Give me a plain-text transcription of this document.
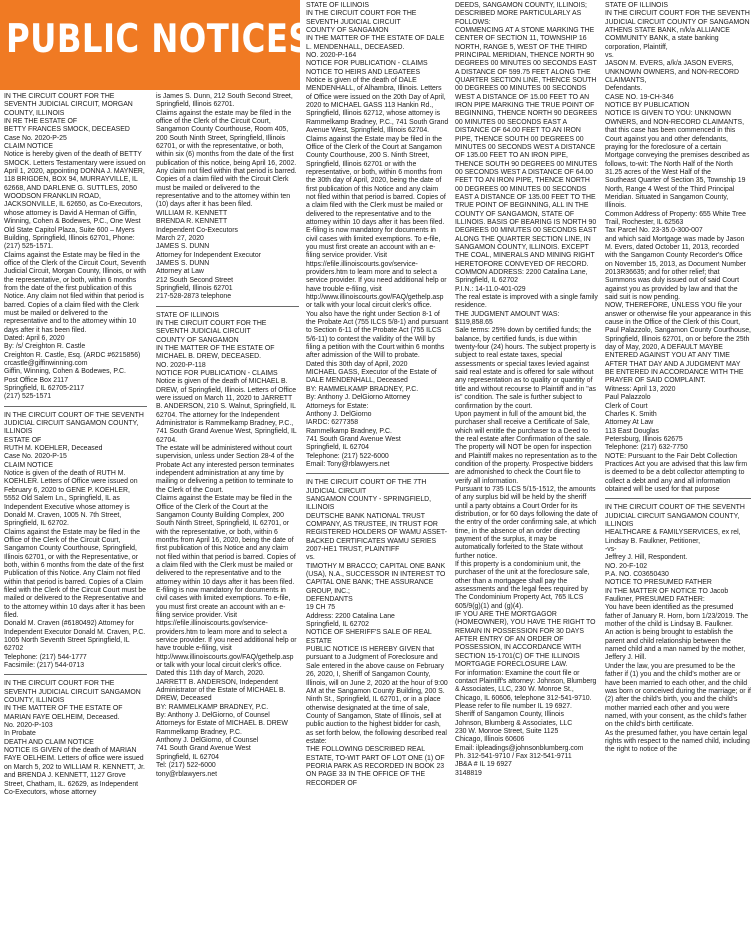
PUBLIC NOTICES

IN THE CIRCUIT COURT FOR THE SEVENTH JUDICIAL CIRCUIT, MORGAN COUNTY, ILLINOIS
IN RE THE ESTATE OF
BETTY FRANCES SMOCK, DECEASED
Case No. 2020-P-25
CLAIM NOTICE
Notice is hereby given of the death of BETTY SMOCK. Letters Testamentary were issued on April 1, 2020, appointing DONNA J. MAYNER, 118 BRIGDEN, BOX 94, MURRAYVILLE, IL 62668, AND DARLENE G. SUTTLES, 2050 WOODSON FRANKLIN ROAD, JACKSONVILLE, IL 62650, as Co-Executors, whose attorney is David A Herman of Giffin, Winning, Cohen & Bodewes, P.C., One West Old State Capitol Plaza, Suite 600 – Myers Building, Springfield, Illinois 62701, Phone: (217) 525-1571.
Claims against the Estate may be filed in the office of the Clerk of the Circuit Court, Seventh Judicial Circuit, Morgan County, Illinois, or with the representative, or both, within 6 months from the date of the first publication of this Notice. Any claim not filed within that period is barred. Copies of a claim filed with the Clerk must be mailed or delivered to the representative and to the attorney within 10 days after it has been filed.
Dated: April 6, 2020
By: /s/ Creighton R. Castle
Creighton R. Castle, Esq. (ARDC #6215856)
crcastle@giffinwinning.com
Giffin, Winning, Cohen & Bodewes, P.C.
Post Office Box 2117
Springfield, IL 62705-2117
(217) 525-1571

IN THE CIRCUIT COURT OF THE SEVENTH JUDICIAL CIRCUIT SANGAMON COUNTY, ILLINOIS
ESTATE OF
RUTH M. KOEHLER, Deceased
Case No. 2020-P-15
CLAIM NOTICE
Notice is given of the death of RUTH M. KOEHLER. Letters of Office were issued on February 6, 2020 to GENE P. KOEHLER, 5552 Old Salem Ln., Springfield, IL as Independent Executive whose attorney is Donald M. Craven, 1005 N. 7th Street, Springfield, IL 62702.
Claims against the Estate may be filed in the Office of the Clerk of the Circuit Court, Sangamon County Courthouse, Springfield, Illinois 62701, or with the Representative, or both, within 6 months from the date of the first Publication of this Notice. Any Claim not filed within that period is barred. Copies of a Claim filed with the Clerk of the Circuit Court must be mailed or delivered to the Representative and to the attorney within 10 days after it has been filed.
Donald M. Craven (#6180492) Attorney for Independent Executor Donald M. Craven, P.C.
1005 North Seventh Street Springfield, IL 62702
Telephone: (217) 544-1777
Facsimile: (217) 544-0713

IN THE CIRCUIT COURT FOR THE SEVENTH JUDICIAL CIRCUIT SANGAMON COUNTY, ILLINOIS
IN THE MATTER OF THE ESTATE OF
MARIAN FAYE OELHEIM, Deceased.
No. 2020-P-103
In Probate
DEATH AND CLAIM NOTICE
NOTICE IS GIVEN of the death of MARIAN FAYE OELHEIM. Letters of office were issued on March 5, 202 to WILLIAM R. KENNETT, Jr. and BRENDA J. KENNETT, 1127 Grove Street, Chatham, IL. 62629, as Independent Co-Executors, whose attorney

is James S. Dunn, 212 South Second Street, Springfield, Illinois 62701.
Claims against the estate may be filed in the office of the Clerk of the Circuit Court, Sangamon County Courthouse, Room 405, 200 South Ninth Street, Springfield, Illinois 62701, or with the representative, or both, within six (6) months from the date of the first publication of this notice, being April 16, 2002. Any claim not filed within that period is barred. Copies of a claim filed with the Circuit Clerk must be mailed or delivered to the representative and to the attorney within ten (10) days after it has been filed.
WILLIAM R. KENNETT
BRENDA R. KENNETT
Independent Co-Executors
March 27, 2020
JAMES S. DUNN
Attorney for Independent Executor
JAMES S. DUNN
Attorney at Law
212 South Second Street
Springfield, Illinois 62701
217-528-2873 telephone

STATE OF ILLINOIS
IN THE CIRCUIT COURT FOR THE SEVENTH JUDICIAL CIRCUIT
COUNTY OF SANGAMON
IN THE MATTER OF THE ESTATE OF MICHAEL B. DREW, DECEASED.
NO. 2020-P-118
NOTICE FOR PUBLICATION - CLAIMS
Notice is given of the death of MICHAEL B. DREW, of Springfield, Illinois. Letters of Office were issued on March 11, 2020 to JARRETT B. ANDERSON, 210 S. Walnut, Springfield, IL 62704. The attorney for the Independent Administrator is Rammelkamp Bradney, P.C., 741 South Grand Avenue West, Springfield, IL 62704.
The estate will be administered without court supervision, unless under Section 28-4 of the Probate Act any interested person terminates independent administration at any time by mailing or delivering a petition to terminate to the Clerk of the Court.
Claims against the Estate may be filed in the Office of the Clerk of the Court at the Sangamon County Building Complex, 200 South Ninth Street, Springfield, IL 62701, or with the representative, or both, within 6 months from April 16, 2020, being the date of first publication of this Notice and any claim not filed within that period is barred. Copies of a claim filed with the Clerk must be mailed or delivered to the representative and to the attorney within 10 days after it has been filed.
E-filing is now mandatory for documents in civil cases with limited exemptions. To e-file, you must first create an account with an e-filing service provider. Visit https://efile.illinoiscourts.gov/service-providers.htm to learn more and to select a service provider. If you need additional help or have trouble e-filing, visit http://www.illinoiscourts.gov/FAQ/gethelp.asp or talk with your local circuit clerk's office.
Dated this 11th day of March, 2020.
JARRETT B. ANDERSON, Independent Administrator of the Estate of MICHAEL B. DREW, Deceased
BY: RAMMELKAMP BRADNEY, P.C.
By: Anthony J. DelGiorno, of Counsel
Attorneys for Estate of MICHAEL B. DREW
Rammelkamp Bradney, P.C.
Anthony J. DelGiorno, of Counsel
741 South Grand Avenue West
Springfield, IL 62704
Tel: (217) 522-6000
tony@rblawyers.net

STATE OF ILLINOIS
IN THE CIRCUIT COURT FOR THE SEVENTH JUDICIAL CIRCUIT
COUNTY OF SANGAMON
IN THE MATTER OF THE ESTATE OF DALE L. MENDENHALL, DECEASED.
NO. 2020-P-164
NOTICE FOR PUBLICATION - CLAIMS
NOTICE TO HEIRS AND LEGATEES
Notice is given of the death of DALE MENDENHALL, of Alhambra, Illinois. Letters of Office were issued on the 20th Day of April, 2020 to MICHAEL GASS 113 Hankin Rd., Springfield, Illinois 62712, whose attorney is Rammelkamp Bradney, P.C., 741 South Grand Avenue West, Springfield, Illinois 62704.
Claims against the Estate may be filed in the Office of the Clerk of the Court at Sangamon County Courthouse, 200 S. Ninth Street, Springfield, Illinois 62701 or with the representative, or both, within 6 months from the 30th day of April, 2020, being the date of first publication of this Notice and any claim not filed within that period is barred. Copies of a claim filed with the Clerk must be mailed or delivered to the representative and to the attorney within 10 days after it has been filed.
E-filing is now mandatory for documents in civil cases with limited exemptions. To e-file, you must first create an account with an e-filing service provider. Visit https://efile.illinoiscourts.gov/service-providers.htm to learn more and to select a service provider. If you need additional help or have trouble e-filing, visit http://www.illinoiscourts.gov/FAQ/gethelp.asp or talk with your local circuit clerk's office.
You also have the right under Section 8-1 of the Probate Act (755 ILCS 5/8-1) and pursuant to Section 6-11 of the Probate Act (755 ILCS 5/6-11) to contest the validity of the Will by filing a petition with the Court within 6 months after admission of the Will to probate.
Dated this 30th day of April, 2020
MICHAEL GASS, Executor of the Estate of DALE MENDENHALL, Deceased
BY: RAMMELKAMP BRADNEY, P.C.
By: Anthony J. DelGiorno Attorney
Attorneys for Estate:
Anthony J. DelGiorno
IARDC: 6277358
Rammelkamp Bradney, P.C.
741 South Grand Avenue West
Springfield, IL 62704
Telephone: (217) 522-6000
Email: Tony@rblawyers.net

IN THE CIRCUIT COURT OF THE 7TH JUDICIAL CIRCUIT
SANGAMON COUNTY - SPRINGFIELD, ILLINOIS
DEUTSCHE BANK NATIONAL TRUST COMPANY, AS TRUSTEE, IN TRUST FOR REGISTERED HOLDERS OF WAMU ASSET-BACKED CERTIFICATES WAMU SERIES 2007-HE1 TRUST, PLAINTIFF
vs.
TIMOTHY M BRACCO; CAPITAL ONE BANK (USA), N.A., SUCCESSOR IN INTEREST TO CAPITAL ONE BANK; THE ASSURANCE GROUP, INC.;
DEFENDANTS
19 CH 75
Address: 2200 Catalina Lane
Springfield, IL 62702
NOTICE OF SHERIFF'S SALE OF REAL ESTATE
PUBLIC NOTICE IS HEREBY GIVEN that pursuant to a Judgment of Foreclosure and Sale entered in the above cause on February 26, 2020, I, Sheriff of Sangamon County, Illinois, will on June 2, 2020 at the hour of 9:00 AM at the Sangamon County Building, 200 S. Ninth St., Springfield, IL 62701, or in a place otherwise designated at the time of sale, County of Sangamon, State of Illinois, sell at public auction to the highest bidder for cash, as set forth below, the following described real estate:
THE FOLLOWING DESCRIBED REAL ESTATE, TO-WIT PART OF LOT ONE (1) OF PEORIA PARK AS RECORDED IN BOOK 23 ON PAGE 33 IN THE OFFICE OF THE RECORDER OF

DEEDS, SANGAMON COUNTY, ILLINOIS; DESCRIBED MORE PARTICULARLY AS FOLLOWS:
COMMENCING AT A STONE MARKING THE CENTER OF SECTION 11, TOWNSHIP 16 NORTH, RANGE 5, WEST OF THE THIRD PRINCIPAL MERIDIAN, THENCE NORTH 90 DEGREES 00 MINUTES 00 SECONDS EAST A DISTANCE OF 599.75 FEET ALONG THE QUARTER SECTION LINE, THENCE SOUTH 00 DEGREES 00 MINUTES 00 SECONDS WEST A DISTANCE OF 15.00 FEET TO AN IRON PIPE MARKING THE TRUE POINT OF BEGINNING, THENCE NORTH 90 DEGREES 00 MINUTES 00 SECONDS EAST A DISTANCE OF 64.00 FEET TO AN IRON PIPE, THENCE SOUTH 00 DEGREES 00 MINUTES 00 SECONDS WEST A DISTANCE OF 135.00 FEET TO AN IRON PIPE, THENCE SOUTH 90 DEGREES 00 MINUTES 00 SECONDS WEST A DISTANCE OF 64.00 FEET TO AN IRON PIPE, THENCE NORTH 00 DEGREES 00 MINUTES 00 SECONDS EAST A DISTANCE OF 135.00 FEET TO THE TRUE POINT OF BEGINNING, ALL IN THE COUNTY OF SANGAMON, STATE OF ILLINOIS. BASIS OF BEARING IS NORTH 90 DEGREES 00 MINUTES 00 SECONDS EAST ALONG THE QUARTER SECTION LINE, IN SANGAMON COUNTY, ILLINOIS. EXCEPT THE COAL, MINERALS AND MINING RIGHT HERETOFORE CONVEYED OF RECORD.
COMMON ADDRESS: 2200 Catalina Lane, Springfield, IL 62702
P.I.N.: 14-11.0-401-029
The real estate is improved with a single family residence.
THE JUDGMENT AMOUNT WAS: $119,858.65
Sale terms: 25% down by certified funds; the balance, by certified funds, is due within twenty-four (24) hours. The subject property is subject to real estate taxes, special assessments or special taxes levied against said real estate and is offered for sale without any representation as to quality or quantity of title and without recourse to Plaintiff and in "as is" condition. The sale is further subject to confirmation by the court.
Upon payment in full of the amount bid, the purchaser shall receive a Certificate of Sale, which will entitle the purchaser to a Deed to the real estate after Confirmation of the sale. The property will NOT be open for inspection and Plaintiff makes no representation as to the condition of the property. Prospective bidders are admonished to check the Court file to verify all information.
Pursuant to 735 ILCS 5/15-1512, the amounts of any surplus bid will be held by the sheriff until a party obtains a Court Order for its distribution, or for 60 days following the date of the entry of the order confirming sale, at which time, in the absence of an order directing payment of the surplus, it may be automatically forfeited to the State without further notice.
If this property is a condominium unit, the purchaser of the unit at the foreclosure sale, other than a mortgagee shall pay the assessments and the legal fees required by The Condominium Property Act, 765 ILCS 605/9(g)(1) and (g)(4).
IF YOU ARE THE MORTGAGOR (HOMEOWNER), YOU HAVE THE RIGHT TO REMAIN IN POSSESSION FOR 30 DAYS AFTER ENTRY OF AN ORDER OF POSSESSION, IN ACCORDANCE WITH SECTION 15-1701(C) OF THE ILLINOIS MORTGAGE FORECLOSURE LAW.
For information: Examine the court file or contact Plaintiff's attorney: Johnson, Blumberg & Associates, LLC, 230 W. Monroe St., Chicago, IL 60606, telephone 312-541-9710. Please refer to file number IL 19 6927.
Sheriff of Sangamon County, Illinois
Johnson, Blumberg & Associates, LLC
230 W. Monroe Street, Suite 1125
Chicago, Illinois 60606
Email: ilpleadings@johnsonblumberg.com
Ph. 312-541-9710 / Fax 312-541-9711
JB&A # IL 19 6927
3148819

STATE OF ILLINOIS
IN THE CIRCUIT COURT FOR THE SEVENTH JUDICIAL CIRCUIT COUNTY OF SANGAMON
ATHENS STATE BANK, n/k/a ALLIANCE COMMUNITY BANK, a state banking corporation, Plaintiff,
vs.
JASON M. EVERS, a/k/a JASON EVERS, UNKNOWN OWNERS, and NON-RECORD CLAIMANTS,
Defendants.
CASE NO. 19-CH-346
NOTICE BY PUBLICATION
NOTICE IS GIVEN TO YOU: UNKNOWN OWNERS, and NON-RECORD CLAIMANTS, that this case has been commenced in this Court against you and other defendants, praying for the foreclosure of a certain Mortgage conveying the premises described as follows, to-wit: The North Half of the North 31.25 acres of the West Half of the
Southeast Quarter of Section 35, Township 19 North, Range 4 West of the Third Principal Meridian. Situated in Sangamon County, Illinois.
Common Address of Property: 655 White Tree Trail, Rochester, IL 62563
Tax Parcel No. 23-35.0-300-007
and which said Mortgage was made by Jason M. Evers, dated October 11, 2013, recorded with the Sangamon County Recorder's Office on November 15, 2013, as Document Number 2013R36635; and for other relief; that Summons was duly issued out of said Court against you as provided by law and that the said suit is now pending.
NOW, THEREFORE, UNLESS YOU file your answer or otherwise file your appearance in this cause in the Office of the Clerk of this Court, Paul Palazzolo, Sangamon County Courthouse, Springfield, Illinois 62701, on or before the 25th day of May, 2020, A DEFAULT MAYBE ENTERED AGAINST YOU AT ANY TIME AFTER THAT DAY AND A JUDGMENT MAY BE ENTERED IN ACCORDANCE WITH THE PRAYER OF SAID COMPLAINT.
Witness: April 13, 2020
Paul Palazzolo
Clerk of Court
Charles K. Smith
Attorney At Law
113 East Douglas
Petersburg, Illinois 62675
Telephone: (217) 632-7750
NOTE: Pursuant to the Fair Debt Collection Practices Act you are advised that this law firm is deemed to be a debt collector attempting to collect a debt and any and all information obtained will be used for that purpose

IN THE CIRCUIT COURT OF THE SEVENTH JUDICIAL CIRCUIT SANGAMON COUNTY, ILLINOIS
HEALTHCARE & FAMILYSERVICES, ex rel, Lindsay B. Faulkner, Petitioner,
-vs-
Jeffrey J. Hill, Respondent.
NO. 20-F-102
P.A. NO. C03650430
NOTICE TO PRESUMED FATHER
IN THE MATTER OF NOTICE TO Jacob Faulkner, PRESUMED FATHER:
You have been identified as the presumed father of January R. Horn, born 1/23/2019. The mother of the child is Lindsay B. Faulkner.
An action is being brought to establish the parent and child relationship between the named child and a man named by the mother, Jeffery J. Hill.
Under the law, you are presumed to be the father if (1) you and the child's mother are or have been married to each other, and the child was born or conceived during the marriage; or if (2) after the child's birth, you and the child's mother married each other and you were named, with your consent, as the child's father on the child's birth certificate.
As the presumed father, you have certain legal rights with respect to the named child, including the right to notice of the
